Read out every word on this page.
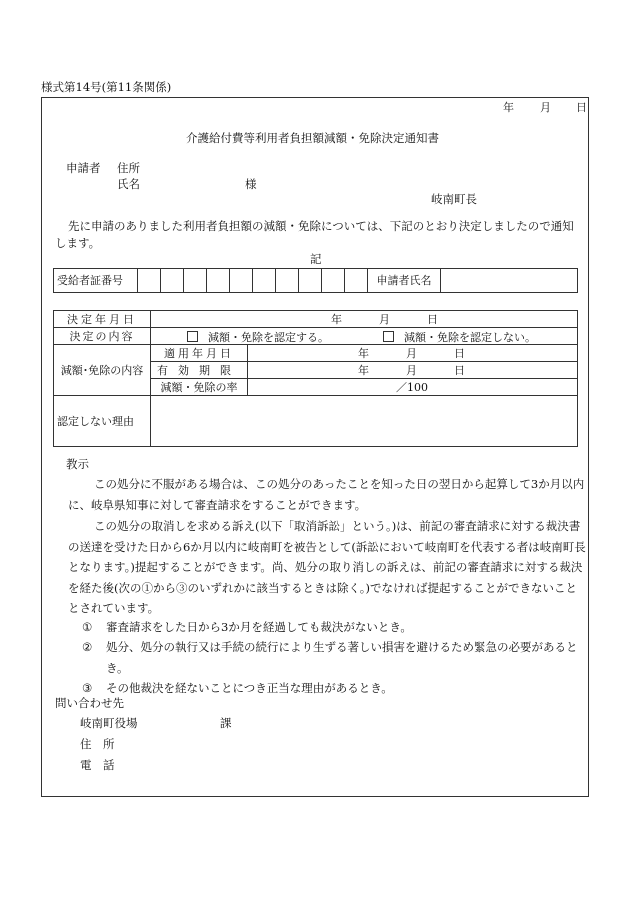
様式第14号(第11条関係)
年 月 日
介護給付費等利用者負担額減額・免除決定通知書
申請者 住所
氏名	様
岐南町長
先に申請のありました利用者負担額の減額・免除については、下記のとおり決定しましたので通知します。
記
受給者証番号											申請者氏名	
決定年月日	年 月 日	

決定の内容	減額・免除を認定する。 減額・免除を認定しない。	

減額･免除の内容	適用年月日	年 月 日

	有効期限	年 月 日

	減額・免除の率	／100

認定しない理由		
教示
この処分に不服がある場合は、この処分のあったことを知った日の翌日から起算して3か月以内に、岐阜県知事に対して審査請求をすることができます。
この処分の取消しを求める訴え(以下「取消訴訟」という。)は、前記の審査請求に対する裁決書の送達を受けた日から6か月以内に岐南町を被告として(訴訟において岐南町を代表する者は岐南町長となります。)提起することができます。尚、処分の取り消しの訴えは、前記の審査請求に対する裁決を経た後(次の①から③のいずれかに該当するときは除く。)でなければ提起することができないこととされています。
①	審査請求をした日から3か月を経過しても裁決がないとき。
②	処分、処分の執行又は手続の続行により生ずる著しい損害を避けるため緊急の必要があるとき。
③	その他裁決を経ないことにつき正当な理由があるとき。
問い合わせ先
岐南町役場	課
住　所
電　話
